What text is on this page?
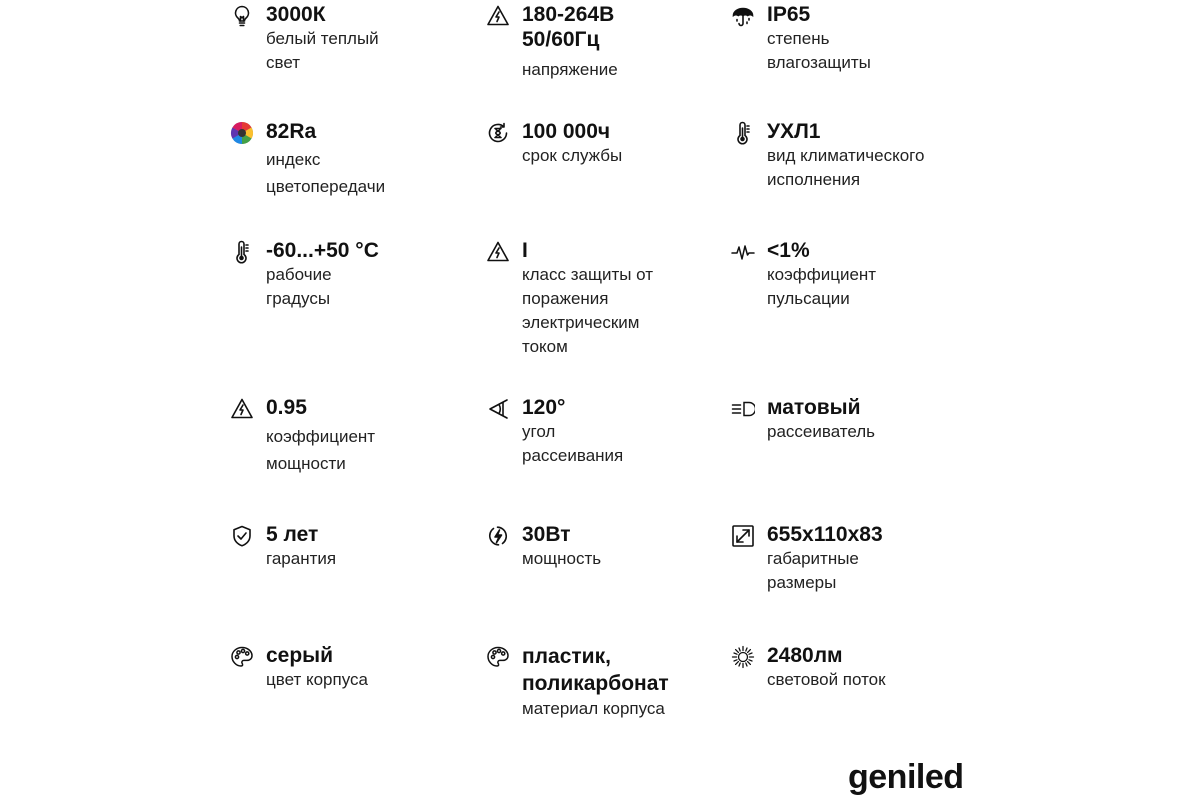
3000К
белый теплый
свет
180-264В
50/60Гц
напряжение
IP65
степень
влагозащиты
82Ra
индекс
цветопередачи
100 000ч
срок службы
УХЛ1
вид климатического
исполнения
-60...+50 °С
рабочие
градусы
I
класс защиты от
поражения
электрическим
током
<1%
коэффициент
пульсации
0.95
коэффициент
мощности
120°
угол
рассеивания
матовый
рассеиватель
5 лет
гарантия
30Вт
мощность
655x110x83
габаритные
размеры
серый
цвет корпуса
пластик,
поликарбонат
материал корпуса
2480лм
световой поток
geniled
